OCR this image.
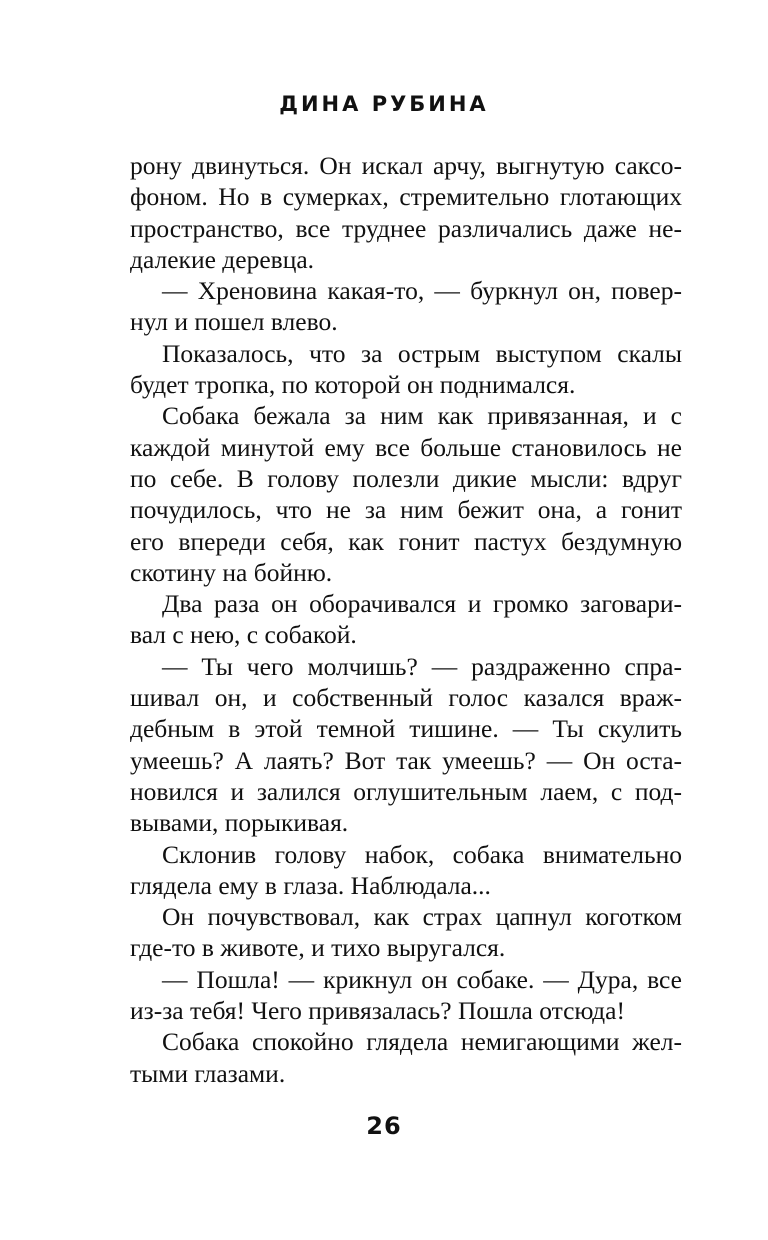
ДИНА РУБИНА

рону двинуться. Он искал арчу, выгнутую саксо-
фоном. Но в сумерках, стремительно глотающих
пространство, все труднее различались даже не-
далекие деревца.

— Хреновина какая-то, — буркнул он, повер-
нул и пошел влево.

Показалось, что за острым выступом скалы
будет тропка, по которой он поднимался.

Собака бежала за ним как привязанная, и с
каждой минутой ему все больше становилось не
по себе. В голову полезли дикие мысли: вдруг
почудилось, что не за ним бежит она, а гонит
его впереди себя, как гонит пастух бездумную
скотину на бойню.

Два раза он оборачивался и громко заговари-
вал с нею, с собакой.

— Ты чего молчишь? — раздраженно спра-
шивал он, и собственный голос казался враж-
дебным в этой темной тишине. — Ты скулить
умеешь? А лаять? Вот так умеешь? — Он оста-
новился и залился оглушительным лаем, с под-
вывами, порыкивая.

Склонив голову набок, собака внимательно
глядела ему в глаза. Наблюдала...

Он почувствовал, как страх цапнул коготком
где-то в животе, и тихо выругался.

— Пошла! — крикнул он собаке. — Дура, все
из-за тебя! Чего привязалась? Пошла отсюда!

Собака спокойно глядела немигающими жел-
тыми глазами.

26
